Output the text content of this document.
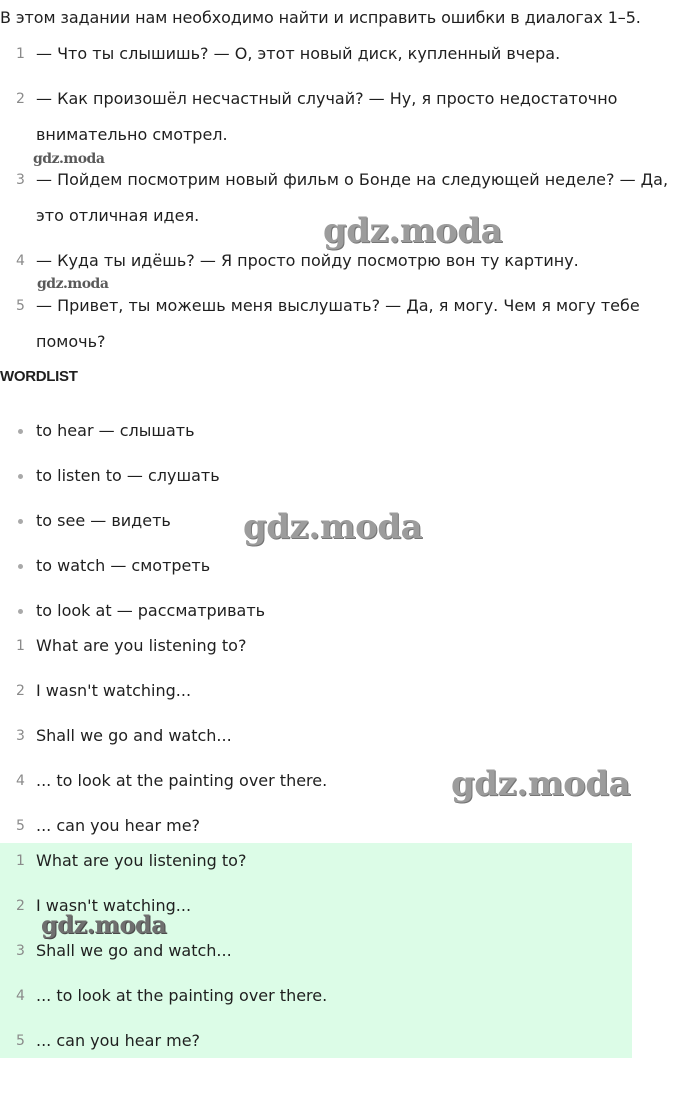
В этом задании нам необходимо найти и исправить ошибки в диалогах 1–5.
1 — Что ты слышишь? — О, этот новый диск, купленный вчера.
2 — Как произошёл несчастный случай? — Ну, я просто недостаточно
внимательно смотрел.
3 — Пойдем посмотрим новый фильм о Бонде на следующей неделе? — Да,
это отличная идея.
4 — Куда ты идёшь? — Я просто пойду посмотрю вон ту картину.
5 — Привет, ты можешь меня выслушать? — Да, я могу. Чем я могу тебе
помочь?
WORDLIST
to hear — слышать
to listen to — слушать
to see — видеть
to watch — смотреть
to look at — рассматривать
1 What are you listening to?
2 I wasn't watching...
3 Shall we go and watch...
4 ... to look at the painting over there.
5 ... can you hear me?
1 What are you listening to?
2 I wasn't watching...
3 Shall we go and watch...
4 ... to look at the painting over there.
5 ... can you hear me?
gdz.moda
gdz.moda
gdz.moda
gdz.moda
gdz.moda
gdz.moda
